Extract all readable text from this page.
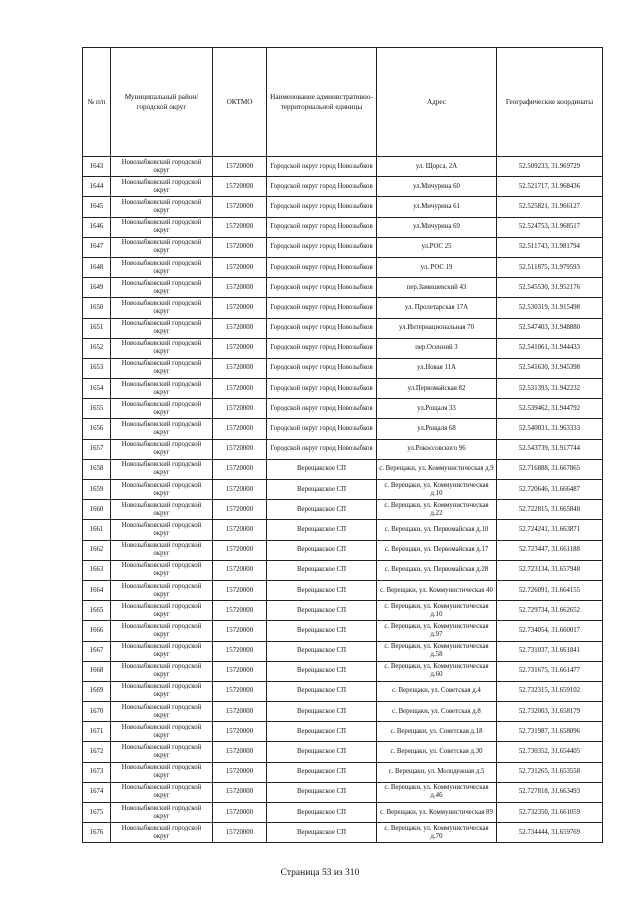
№ п/п	Муниципальный район/городской округ	ОКТМО	Наименование административно-территориальной единицы	Адрес	Географические координаты
1643	Новозыбковский городской округ	15720000	Городской округ город Новозыбков	ул. Щорса, 2А	52.509233, 31.969729
1644	Новозыбковский городской округ	15720000	Городской округ город Новозыбков	ул.Мичурина 60	52.521717, 31.968436
1645	Новозыбковский городской округ	15720000	Городской округ город Новозыбков	ул.Мичурина 61	52.525821, 31.966127
1646	Новозыбковский городской округ	15720000	Городской округ город Новозыбков	ул.Мичурина 69	52.524753, 31.968517
1647	Новозыбковский городской округ	15720000	Городской округ город Новозыбков	ул.РОС 25	52.511743, 31.981794
1648	Новозыбковский городской округ	15720000	Городской округ город Новозыбков	ул. РОС 19	52.511875, 31.979593
1649	Новозыбковский городской округ	15720000	Городской округ город Новозыбков	пер.Замишевский 43	52.545530, 31.952176
1650	Новозыбковский городской округ	15720000	Городской округ город Новозыбков	ул. Пролетарская 17А	52.530319, 31.915498
1651	Новозыбковский городской округ	15720000	Городской округ город Новозыбков	ул.Интернациональная 70	52.547403, 31.948880
1652	Новозыбковский городской округ	15720000	Городской округ город Новозыбков	пер.Осенний 3	52.541061, 31.944433
1653	Новозыбковский городской округ	15720000	Городской округ город Новозыбков	ул.Новая 11А	52.541630, 31.945398
1654	Новозыбковский городской округ	15720000	Городской округ город Новозыбков	ул.Первомайская 82	52.531393, 31.942232
1655	Новозыбковский городской округ	15720000	Городской округ город Новозыбков	ул.Рощаля 33	52.539462, 31.944792
1656	Новозыбковский городской округ	15720000	Городской округ город Новозыбков	ул.Рощаля 68	52.540031, 31.963333
1657	Новозыбковский городской округ	15720000	Городской округ город Новозыбков	ул.Рокоссовского 96	52.543739, 31.917744
1658	Новозыбковский городской округ	15720000	Верещакское СП	с. Верещаки, ул. Коммунистическая д.9	52.716888, 31.667865
1659	Новозыбковский городской округ	15720000	Верещакское СП	с. Верещаки, ул. Коммунистическая д.10	52.720646, 31.666487
1660	Новозыбковский городской округ	15720000	Верещакское СП	с. Верещаки, ул. Коммунистическая д.22	52.722815, 31.665848
1661	Новозыбковский городской округ	15720000	Верещакское СП	с. Верещаки, ул. Первомайская д.10	52.724241, 31.663871
1662	Новозыбковский городской округ	15720000	Верещакское СП	с. Верещаки, ул. Первомайская д.17	52.723447, 31.661188
1663	Новозыбковский городской округ	15720000	Верещакское СП	с. Верещаки, ул. Первомайская д.28	52.723134, 31.657948
1664	Новозыбковский городской округ	15720000	Верещакское СП	с. Верещаки, ул. Коммунистическая 40	52.726091, 31.664155
1665	Новозыбковский городской округ	15720000	Верещакское СП	с. Верещаки, ул. Коммунистическая д.10	52.729734, 31.662652
1666	Новозыбковский городской округ	15720000	Верещакское СП	с. Верещаки, ул. Коммунистическая д.97	52.734054, 31.660017
1667	Новозыбковский городской округ	15720000	Верещакское СП	с. Верещаки, ул. Коммунистическая д.58	52.731037, 31.661841
1668	Новозыбковский городской округ	15720000	Верещакское СП	с. Верещаки, ул. Коммунистическая д.60	52.731675, 31.661477
1669	Новозыбковский городской округ	15720000	Верещакское СП	с. Верещаки, ул. Советская д.4	52.732315, 31.659102
1670	Новозыбковский городской округ	15720000	Верещакское СП	с. Верещаки, ул. Советская д.8	52.732003, 31.658179
1671	Новозыбковский городской округ	15720000	Верещакское СП	с. Верещаки, ул. Советская д.18	52.731987, 31.658096
1672	Новозыбковский городской округ	15720000	Верещакское СП	с. Верещаки, ул. Советская д.30	52.730352, 31.654405
1673	Новозыбковский городской округ	15720000	Верещакское СП	с. Верещаки, ул. Молодежная д.5	52.731265, 31.653558
1674	Новозыбковский городской округ	15720000	Верещакское СП	с. Верещаки, ул. Коммунистическая д.46	52.727818, 31.663493
1675	Новозыбковский городской округ	15720000	Верещакское СП	с. Верещаки, ул. Коммунистическая 89	52.732350, 31.661059
1676	Новозыбковский городской округ	15720000	Верещакское СП	с. Верещаки, ул. Коммунистическая д.70	52.734444, 31.659769
Страница 53 из 310
